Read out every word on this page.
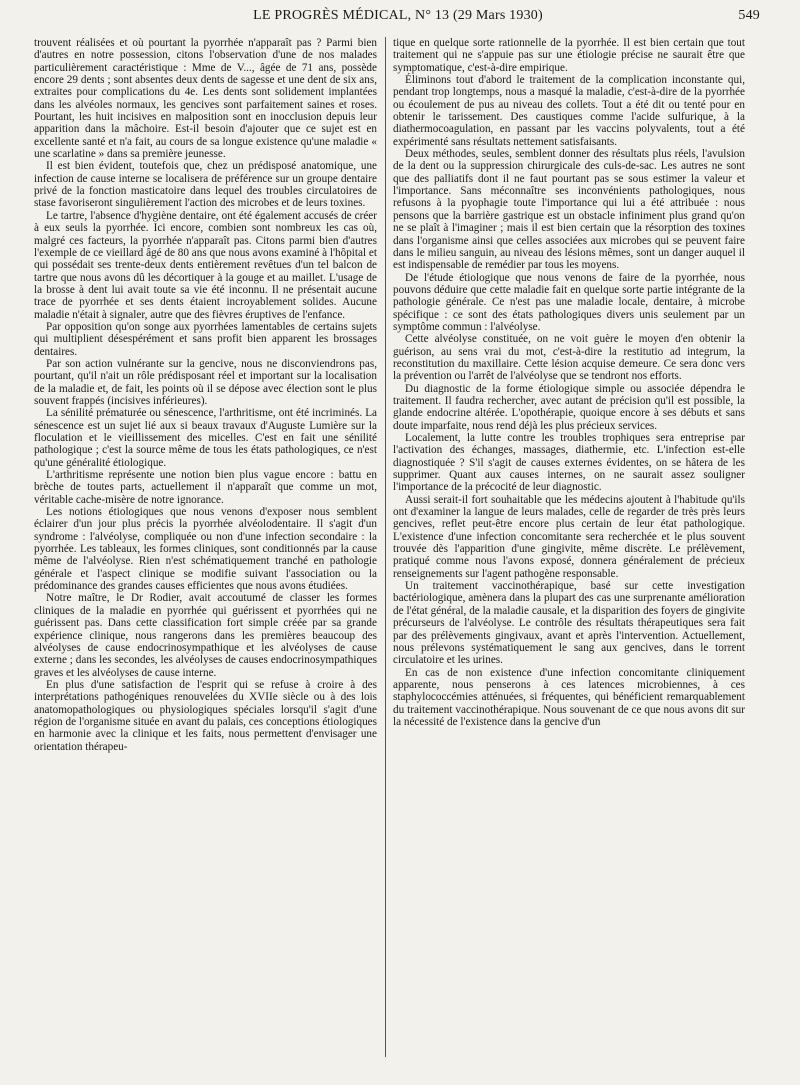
LE PROGRÈS MÉDICAL, N° 13 (29 Mars 1930)	549

trouvent réalisées et où pourtant la pyorrhée n'apparaît pas ? Parmi bien d'autres en notre possession, citons l'observation d'une de nos malades particulièrement caractéristique : Mme de V..., âgée de 71 ans, possède encore 29 dents ; sont absentes deux dents de sagesse et une dent de six ans, extraites pour complications du 4e. Les dents sont solidement implantées dans les alvéoles normaux, les gencives sont parfaitement saines et roses. Pourtant, les huit incisives en malposition sont en inocclusion depuis leur apparition dans la mâchoire. Est-il besoin d'ajouter que ce sujet est en excellente santé et n'a fait, au cours de sa longue existence qu'une maladie « une scarlatine » dans sa première jeunesse.

Il est bien évident, toutefois que, chez un prédisposé anatomique, une infection de cause interne se localisera de préférence sur un groupe dentaire privé de la fonction masticatoire dans lequel des troubles circulatoires de stase favoriseront singulièrement l'action des microbes et de leurs toxines.

Le tartre, l'absence d'hygiène dentaire, ont été également accusés de créer à eux seuls la pyorrhée. Ici encore, combien sont nombreux les cas où, malgré ces facteurs, la pyorrhée n'apparaît pas. Citons parmi bien d'autres l'exemple de ce vieillard âgé de 80 ans que nous avons examiné à l'hôpital et qui possédait ses trente-deux dents entièrement revêtues d'un tel balcon de tartre que nous avons dû les décortiquer à la gouge et au maillet. L'usage de la brosse à dent lui avait toute sa vie été inconnu. Il ne présentait aucune trace de pyorrhée et ses dents étaient incroyablement solides. Aucune maladie n'était à signaler, autre que des fièvres éruptives de l'enfance.

Par opposition qu'on songe aux pyorrhées lamentables de certains sujets qui multiplient désespérément et sans profit bien apparent les brossages dentaires.

Par son action vulnérante sur la gencive, nous ne disconviendrons pas, pourtant, qu'il n'ait un rôle prédisposant réel et important sur la localisation de la maladie et, de fait, les points où il se dépose avec élection sont le plus souvent frappés (incisives inférieures).

La sénilité prématurée ou sénescence, l'arthritisme, ont été incriminés. La sénescence est un sujet lié aux si beaux travaux d'Auguste Lumière sur la floculation et le vieillissement des micelles. C'est en fait une sénilité pathologique ; c'est la source même de tous les états pathologiques, ce n'est qu'une généralité étiologique.

L'arthritisme représente une notion bien plus vague encore : battu en brèche de toutes parts, actuellement il n'apparaît que comme un mot, véritable cache-misère de notre ignorance.

Les notions étiologiques que nous venons d'exposer nous semblent éclairer d'un jour plus précis la pyorrhée alvéolodentaire. Il s'agit d'un syndrome : l'alvéolyse, compliquée ou non d'une infection secondaire : la pyorrhée. Les tableaux, les formes cliniques, sont conditionnés par la cause même de l'alvéolyse. Rien n'est schématiquement tranché en pathologie générale et l'aspect clinique se modifie suivant l'association ou la prédominance des grandes causes efficientes que nous avons étudiées.

Notre maître, le Dr Rodier, avait accoutumé de classer les formes cliniques de la maladie en pyorrhée qui guérissent et pyorrhées qui ne guérissent pas. Dans cette classification fort simple créée par sa grande expérience clinique, nous rangerons dans les premières beaucoup des alvéolyses de cause endocrinosympathique et les alvéolyses de cause externe ; dans les secondes, les alvéolyses de causes endocrinosympathiques graves et les alvéolyses de cause interne.

En plus d'une satisfaction de l'esprit qui se refuse à croire à des interprétations pathogéniques renouvelées du XVIIe siècle ou à des lois anatomopathologiques ou physiologiques spéciales lorsqu'il s'agit d'une région de l'organisme située en avant du palais, ces conceptions étiologiques en harmonie avec la clinique et les faits, nous permettent d'envisager une orientation thérapeu-

tique en quelque sorte rationnelle de la pyorrhée. Il est bien certain que tout traitement qui ne s'appuie pas sur une étiologie précise ne saurait être que symptomatique, c'est-à-dire empirique.

Éliminons tout d'abord le traitement de la complication inconstante qui, pendant trop longtemps, nous a masqué la maladie, c'est-à-dire de la pyorrhée ou écoulement de pus au niveau des collets. Tout a été dit ou tenté pour en obtenir le tarissement. Des caustiques comme l'acide sulfurique, à la diathermocoagulation, en passant par les vaccins polyvalents, tout a été expérimenté sans résultats nettement satisfaisants.

Deux méthodes, seules, semblent donner des résultats plus réels, l'avulsion de la dent ou la suppression chirurgicale des culs-de-sac. Les autres ne sont que des palliatifs dont il ne faut pourtant pas se sous estimer la valeur et l'importance. Sans méconnaître ses inconvénients pathologiques, nous refusons à la pyophagie toute l'importance qui lui a été attribuée : nous pensons que la barrière gastrique est un obstacle infiniment plus grand qu'on ne se plaît à l'imaginer ; mais il est bien certain que la résorption des toxines dans l'organisme ainsi que celles associées aux microbes qui se peuvent faire dans le milieu sanguin, au niveau des lésions mêmes, sont un danger auquel il est indispensable de remédier par tous les moyens.

De l'étude étiologique que nous venons de faire de la pyorrhée, nous pouvons déduire que cette maladie fait en quelque sorte partie intégrante de la pathologie générale. Ce n'est pas une maladie locale, dentaire, à microbe spécifique : ce sont des états pathologiques divers unis seulement par un symptôme commun : l'alvéolyse.

Cette alvéolyse constituée, on ne voit guère le moyen d'en obtenir la guérison, au sens vrai du mot, c'est-à-dire la restitutio ad integrum, la reconstitution du maxillaire. Cette lésion acquise demeure. Ce sera donc vers la prévention ou l'arrêt de l'alvéolyse que se tendront nos efforts.

Du diagnostic de la forme étiologique simple ou associée dépendra le traitement. Il faudra rechercher, avec autant de précision qu'il est possible, la glande endocrine altérée. L'opothérapie, quoique encore à ses débuts et sans doute imparfaite, nous rend déjà les plus précieux services.

Localement, la lutte contre les troubles trophiques sera entreprise par l'activation des échanges, massages, diathermie, etc. L'infection est-elle diagnostiquée ? S'il s'agit de causes externes évidentes, on se hâtera de les supprimer. Quant aux causes internes, on ne saurait assez souligner l'importance de la précocité de leur diagnostic.

Aussi serait-il fort souhaitable que les médecins ajoutent à l'habitude qu'ils ont d'examiner la langue de leurs malades, celle de regarder de très près leurs gencives, reflet peut-être encore plus certain de leur état pathologique. L'existence d'une infection concomitante sera recherchée et le plus souvent trouvée dès l'apparition d'une gingivite, même discrète. Le prélèvement, pratiqué comme nous l'avons exposé, donnera généralement de précieux renseignements sur l'agent pathogène responsable.

Un traitement vaccinothérapique, basé sur cette investigation bactériologique, amènera dans la plupart des cas une surprenante amélioration de l'état général, de la maladie causale, et la disparition des foyers de gingivite précurseurs de l'alvéolyse. Le contrôle des résultats thérapeutiques sera fait par des prélèvements gingivaux, avant et après l'intervention. Actuellement, nous prélevons systématiquement le sang aux gencives, dans le torrent circulatoire et les urines.

En cas de non existence d'une infection concomitante cliniquement apparente, nous penserons à ces latences microbiennes, à ces staphylococcémies atténuées, si fréquentes, qui bénéficient remarquablement du traitement vaccinothérapique. Nous souvenant de ce que nous avons dit sur la nécessité de l'existence dans la gencive d'un
